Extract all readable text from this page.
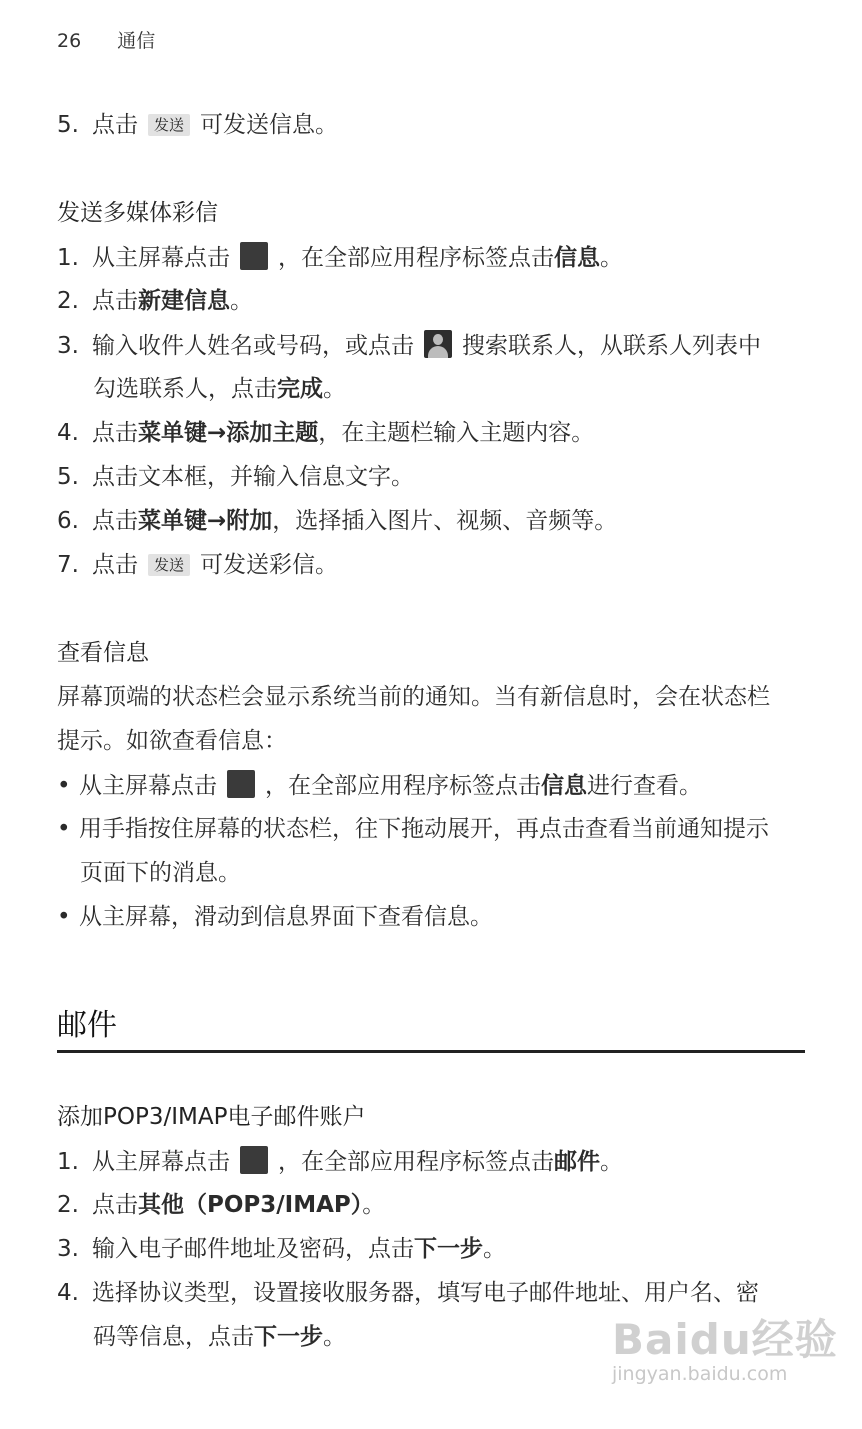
26 通信
5. 点击 发送 可发送信息。
发送多媒体彩信
1. 从主屏幕点击 ，在全部应用程序标签点击信息。
2. 点击新建信息。
3. 输入收件人姓名或号码，或点击 搜索联系人，从联系人列表中
勾选联系人，点击完成。
4. 点击菜单键→添加主题，在主题栏输入主题内容。
5. 点击文本框，并输入信息文字。
6. 点击菜单键→附加，选择插入图片、视频、音频等。
7. 点击 发送 可发送彩信。
查看信息
屏幕顶端的状态栏会显示系统当前的通知。当有新信息时，会在状态栏
提示。如欲查看信息：
• 从主屏幕点击 ，在全部应用程序标签点击信息进行查看。
• 用手指按住屏幕的状态栏，往下拖动展开，再点击查看当前通知提示
页面下的消息。
• 从主屏幕，滑动到信息界面下查看信息。
邮件
添加POP3/IMAP电子邮件账户
1. 从主屏幕点击 ，在全部应用程序标签点击邮件。
2. 点击其他（POP3/IMAP）。
3. 输入电子邮件地址及密码，点击下一步。
4. 选择协议类型，设置接收服务器，填写电子邮件地址、用户名、密
码等信息，点击下一步。	Baidu经验
jingyan.baidu.com
